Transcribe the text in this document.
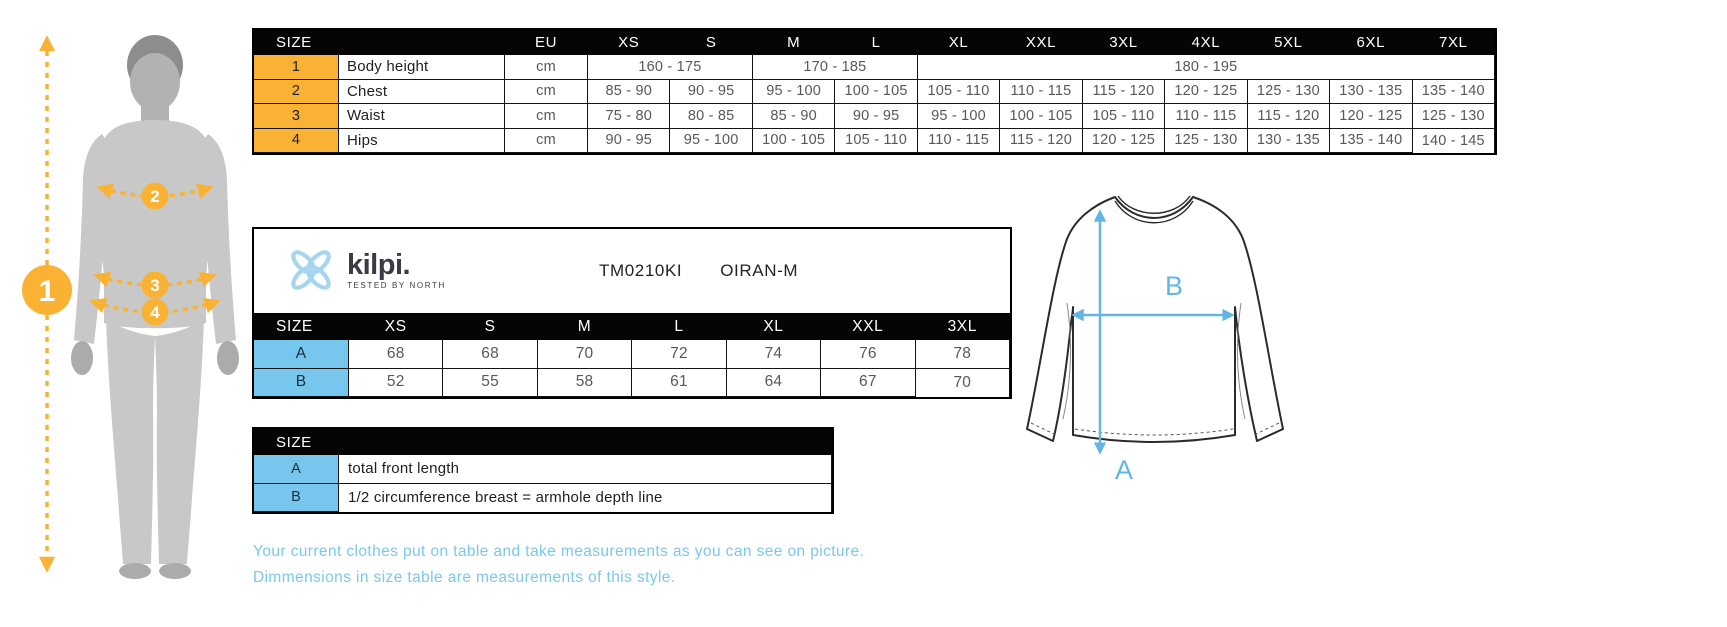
1
2
3
4
SIZE	EU	XS	S	M	L	XL	XXL	3XL	4XL	5XL	6XL	7XL
1	Body height	cm	160 - 175	170 - 185	180 - 195
2	Chest	cm	85 - 90	90 - 95	95 - 100	100 - 105	105 - 110	110 - 115	115 - 120	120 - 125	125 - 130	130 - 135	135 - 140
3	Waist	cm	75 - 80	80 - 85	85 - 90	90 - 95	95 - 100	100 - 105	105 - 110	110 - 115	115 - 120	120 - 125	125 - 130
4	Hips	cm	90 - 95	95 - 100	100 - 105	105 - 110	110 - 115	115 - 120	120 - 125	125 - 130	130 - 135	135 - 140	140 - 145
kilpi.
TESTED BY NORTH
TM0210KI OIRAN-M
SIZE	XS	S	M	L	XL	XXL	3XL
A	68	68	70	72	74	76	78
B	52	55	58	61	64	67	70
SIZE
A	total front length
B	1/2 circumference breast = armhole depth line
B
A

Your current clothes put on table and take measurements as you can see on picture.

Dimmensions in size table are measurements of this style.
